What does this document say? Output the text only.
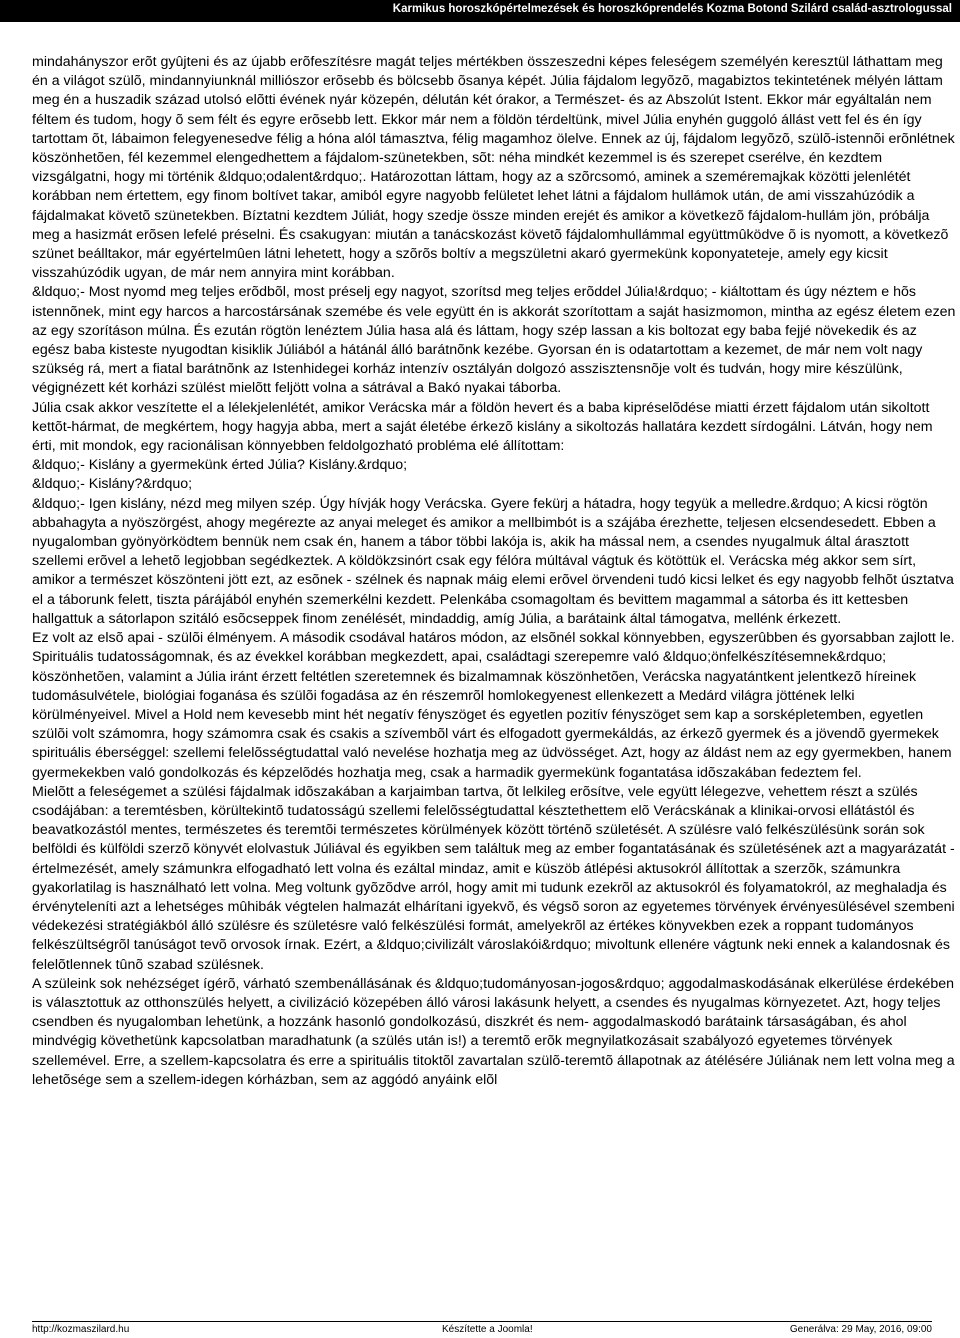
Karmikus horoszkópértelmezések és horoszkóprendelés Kozma Botond Szilárd család-asztrologussal

mindahányszor erõt gyûjteni és az újabb erõfeszítésre magát teljes mértékben összeszedni képes feleségem személyén keresztül láthattam meg én a világot szülõ, mindannyiunknál milliószor erõsebb és bölcsebb õsanya képét. Júlia fájdalom legyõzõ, magabiztos tekintetének mélyén láttam meg én a huszadik század utolsó elõtti évének nyár közepén, délután két órakor, a Természet- és az Abszolút Istent. Ekkor már egyáltalán nem féltem és tudom, hogy õ sem félt és egyre erõsebb lett. Ekkor már nem a földön térdeltünk, mivel Júlia enyhén guggoló állást vett fel és én így tartottam õt, lábaimon felegyenesedve félig a hóna alól támasztva, félig magamhoz ölelve. Ennek az új, fájdalom legyõzõ, szülõ-istennõi erõnlétnek köszönhetõen, fél kezemmel elengedhettem a fájdalom-szünetekben, sõt: néha mindkét kezemmel is és szerepet cserélve, én kezdtem vizsgálgatni, hogy mi történik &ldquo;odalent&rdquo;. Határozottan láttam, hogy az a szõrcsomó, aminek a szeméremajkak közötti jelenlétét korábban nem értettem, egy finom boltívet takar, amiból egyre nagyobb felületet lehet látni a fájdalom hullámok után, de ami visszahúzódik a fájdalmakat követõ szünetekben. Bíztatni kezdtem Júliát, hogy szedje össze minden erejét és amikor a következõ fájdalom-hullám jön, próbálja meg a hasizmát erõsen lefelé préselni. És csakugyan: miután a tanácskozást követõ fájdalomhullámmal együttmûködve õ is nyomott, a következõ szünet beálltakor, már egyértelmûen látni lehetett, hogy a szõrõs boltív a megszületni akaró gyermekünk koponyateteje, amely egy kicsit visszahúzódik ugyan, de már nem annyira mint korábban.

&ldquo;- Most nyomd meg teljes erõdbõl, most préselj egy nagyot, szorítsd meg teljes erõddel Júlia!&rdquo; - kiáltottam és úgy néztem e hõs istennõnek, mint egy harcos a harcostársának szemébe és vele együtt én is akkorát szorítottam a saját hasizmomon, mintha az egész életem ezen az egy szorításon múlna. És ezután rögtön lenéztem Júlia hasa alá és láttam, hogy szép lassan a kis boltozat egy baba fejjé növekedik és az egész baba kisteste nyugodtan kisiklik Júliából a hátánál álló barátnõnk kezébe. Gyorsan én is odatartottam a kezemet, de már nem volt nagy szükség rá, mert a fiatal barátnõnk az Istenhidegei korház intenzív osztályán dolgozó asszisztensnõje volt és tudván, hogy mire készülünk, végignézett két korházi szülést mielõtt feljött volna a sátrával a Bakó nyakai táborba.

Júlia csak akkor veszítette el a lélekjelenlétét, amikor Verácska már a földön hevert és a baba kipréselõdése miatti érzett fájdalom után sikoltott kettõt-hármat, de megkértem, hogy hagyja abba, mert a saját életébe érkezõ kislány a sikoltozás hallatára kezdett sírdogálni. Látván, hogy nem érti, mit mondok, egy racionálisan könnyebben feldolgozható probléma elé állítottam:

&ldquo;- Kislány a gyermekünk érted Júlia? Kislány.&rdquo;

&ldquo;- Kislány?&rdquo;

&ldquo;- Igen kislány, nézd meg milyen szép. Úgy hívják hogy Verácska. Gyere fekürj a hátadra, hogy tegyük a melledre.&rdquo; A kicsi rögtön abbahagyta a nyöszörgést, ahogy megérezte az anyai meleget és amikor a mellbimbót is a szájába érezhette, teljesen elcsendesedett. Ebben a nyugalomban gyönyörködtem bennük nem csak én, hanem a tábor többi lakója is, akik ha mással nem, a csendes nyugalmuk által árasztott szellemi erõvel a lehetõ legjobban segédkeztek. A köldökzsinórt csak egy félóra múltával vágtuk és kötöttük el. Verácska még akkor sem sírt, amikor a természet köszönteni jött ezt, az esõnek - szélnek és napnak máig elemi erõvel örvendeni tudó kicsi lelket és egy nagyobb felhõt úsztatva el a táborunk felett, tiszta párájából enyhén szemerkélni kezdett. Pelenkába csomagoltam és bevittem magammal a sátorba és itt kettesben hallgattuk a sátorlapon szitáló esõcseppek finom zenélését, mindaddig, amíg Júlia, a barátaink által támogatva, mellénk érkezett.

Ez volt az elsõ apai - szülõi élményem. A második csodával határos módon, az elsõnél sokkal könnyebben, egyszerûbben és gyorsabban zajlott le. Spirituális tudatosságomnak, és az évekkel korábban megkezdett, apai, családtagi szerepemre való &ldquo;önfelkészítésemnek&rdquo; köszönhetõen, valamint a Júlia iránt érzett feltétlen szeretemnek és bizalmamnak köszönhetõen, Verácska nagyatántkent jelentkezõ híreinek tudomásulvétele, biológiai foganása és szülõi fogadása az én részemrõl homlokegyenest ellenkezett a Medárd világra jöttének lelki körülményeivel. Mivel a Hold nem kevesebb mint hét negatív fényszöget és egyetlen pozitív fényszöget sem kap a sorsképletemben, egyetlen szülõi volt számomra, hogy számomra csak és csakis a szívembõl várt és elfogadott gyermekáldás, az érkezõ gyermek és a jövendõ gyermekek spirituális éberséggel: szellemi felelõsségtudattal való nevelése hozhatja meg az üdvösséget. Azt, hogy az áldást nem az egy gyermekben, hanem gyermekekben való gondolkozás és képzelõdés hozhatja meg, csak a harmadik gyermekünk fogantatása idõszakában fedeztem fel.

Mielõtt a feleségemet a szülési fájdalmak idõszakában a karjaimban tartva, õt lelkileg erõsítve, vele együtt lélegezve, vehettem részt a szülés csodájában: a teremtésben, körültekintõ tudatosságú szellemi felelõsségtudattal késztethettem elõ Verácskának a klinikai-orvosi ellátástól és beavatkozástól mentes, természetes és teremtõi természetes körülmények között történõ születését. A szülésre való felkészülésünk során sok belföldi és külföldi szerzõ könyvét elolvastuk Júliával és egyikben sem találtuk meg az ember fogantatásának és születésének azt a magyarázatát - értelmezését, amely számunkra elfogadható lett volna és ezáltal mindaz, amit e küszöb átlépési aktusokról állítottak a szerzõk, számunkra gyakorlatilag is használható lett volna. Meg voltunk gyõzõdve arról, hogy amit mi tudunk ezekrõl az aktusokról és folyamatokról, az meghaladja és érvényteleníti azt a lehetséges mûhibák végtelen halmazát elhárítani igyekvõ, és végsõ soron az egyetemes törvények érvényesülésével szembeni védekezési stratégiákból álló szülésre és születésre való felkészülési formát, amelyekrõl az értékes könyvekben ezek a roppant tudományos felkészültségrõl tanúságot tevõ orvosok írnak. Ezért, a &ldquo;civilizált városlakói&rdquo; mivoltunk ellenére vágtunk neki ennek a kalandosnak és felelõtlennek tûnõ szabad szülésnek.

A szüleink sok nehézséget ígérõ, várható szembenállásának és &ldquo;tudományosan-jogos&rdquo; aggodalmaskodásának elkerülése érdekében is választottuk az otthonszülés helyett, a civilizáció közepében álló városi lakásunk helyett, a csendes és nyugalmas környezetet. Azt, hogy teljes csendben és nyugalomban lehetünk, a hozzánk hasonló gondolkozású, diszkrét és nem- aggodalmaskodó barátaink társaságában, és ahol mindvégig követhetünk kapcsolatban maradhatunk (a szülés után is!) a teremtõ erõk megnyilatkozásait szabályozó egyetemes törvények szellemével. Erre, a szellem-kapcsolatra és erre a spirituális titoktõl zavartalan szülõ-teremtõ állapotnak az átélésére Júliának nem lett volna meg a lehetõsége sem a szellem-idegen kórházban, sem az aggódó anyáink elõl

http://kozmaszilard.hu	Készítette a Joomla!	Generálva: 29 May, 2016, 09:00
